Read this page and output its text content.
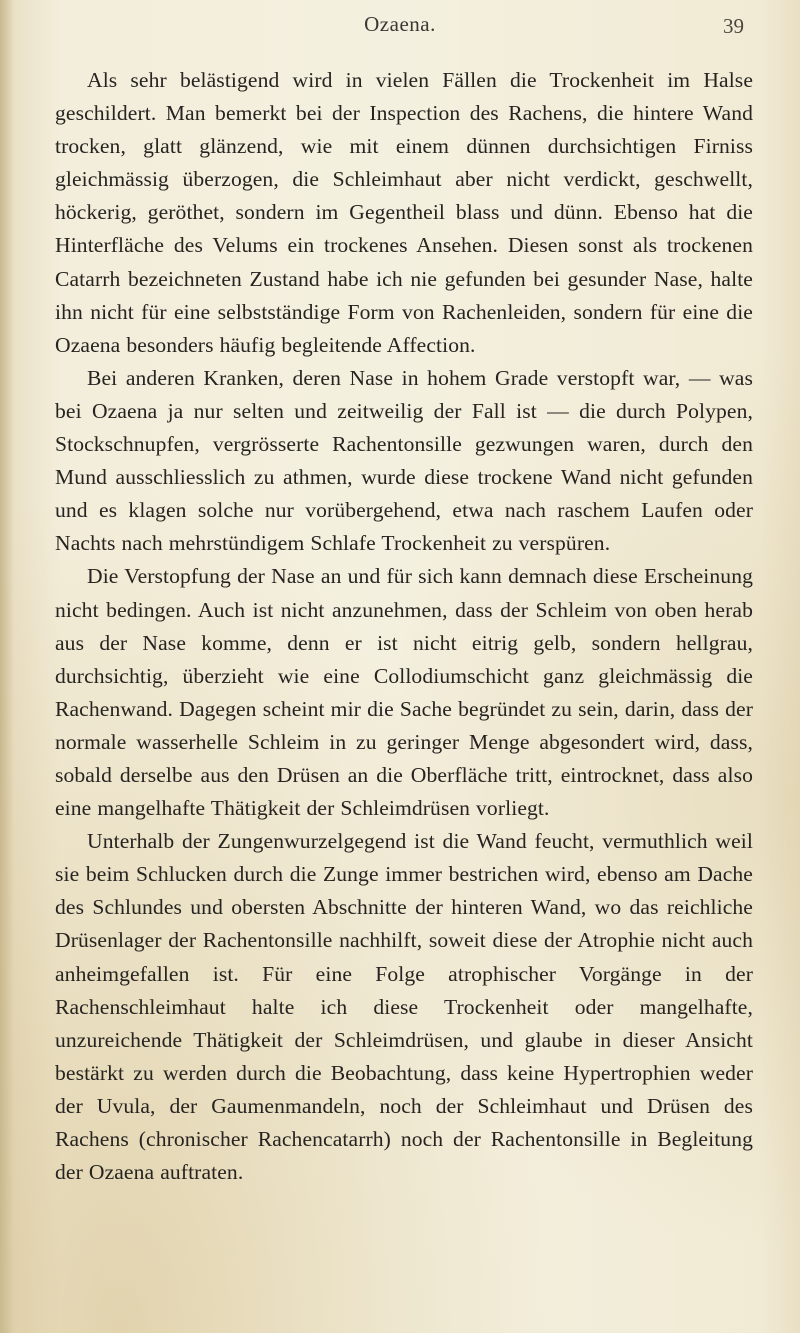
Ozaena.	39

Als sehr belästigend wird in vielen Fällen die Trockenheit im Halse geschildert. Man bemerkt bei der Inspection des Rachens, die hintere Wand trocken, glatt glänzend, wie mit einem dünnen durchsichtigen Firniss gleichmässig überzogen, die Schleimhaut aber nicht verdickt, geschwellt, höckerig, geröthet, sondern im Gegentheil blass und dünn. Ebenso hat die Hinterfläche des Velums ein trockenes Ansehen. Diesen sonst als trockenen Catarrh bezeichneten Zustand habe ich nie gefunden bei gesunder Nase, halte ihn nicht für eine selbstständige Form von Rachenleiden, sondern für eine die Ozaena besonders häufig begleitende Affection.

Bei anderen Kranken, deren Nase in hohem Grade verstopft war, — was bei Ozaena ja nur selten und zeitweilig der Fall ist — die durch Polypen, Stockschnupfen, vergrösserte Rachentonsille gezwungen waren, durch den Mund ausschliesslich zu athmen, wurde diese trockene Wand nicht gefunden und es klagen solche nur vorübergehend, etwa nach raschem Laufen oder Nachts nach mehrstündigem Schlafe Trockenheit zu verspüren.

Die Verstopfung der Nase an und für sich kann demnach diese Erscheinung nicht bedingen. Auch ist nicht anzunehmen, dass der Schleim von oben herab aus der Nase komme, denn er ist nicht eitrig gelb, sondern hellgrau, durchsichtig, überzieht wie eine Collodiumschicht ganz gleichmässig die Rachenwand. Dagegen scheint mir die Sache begründet zu sein, darin, dass der normale wasserhelle Schleim in zu geringer Menge abgesondert wird, dass, sobald derselbe aus den Drüsen an die Oberfläche tritt, eintrocknet, dass also eine mangelhafte Thätigkeit der Schleimdrüsen vorliegt.

Unterhalb der Zungenwurzelgegend ist die Wand feucht, vermuthlich weil sie beim Schlucken durch die Zunge immer bestrichen wird, ebenso am Dache des Schlundes und obersten Abschnitte der hinteren Wand, wo das reichliche Drüsenlager der Rachentonsille nachhilft, soweit diese der Atrophie nicht auch anheimgefallen ist. Für eine Folge atrophischer Vorgänge in der Rachenschleimhaut halte ich diese Trockenheit oder mangelhafte, unzureichende Thätigkeit der Schleimdrüsen, und glaube in dieser Ansicht bestärkt zu werden durch die Beobachtung, dass keine Hypertrophien weder der Uvula, der Gaumenmandeln, noch der Schleimhaut und Drüsen des Rachens (chronischer Rachencatarrh) noch der Rachentonsille in Begleitung der Ozaena auftraten.
